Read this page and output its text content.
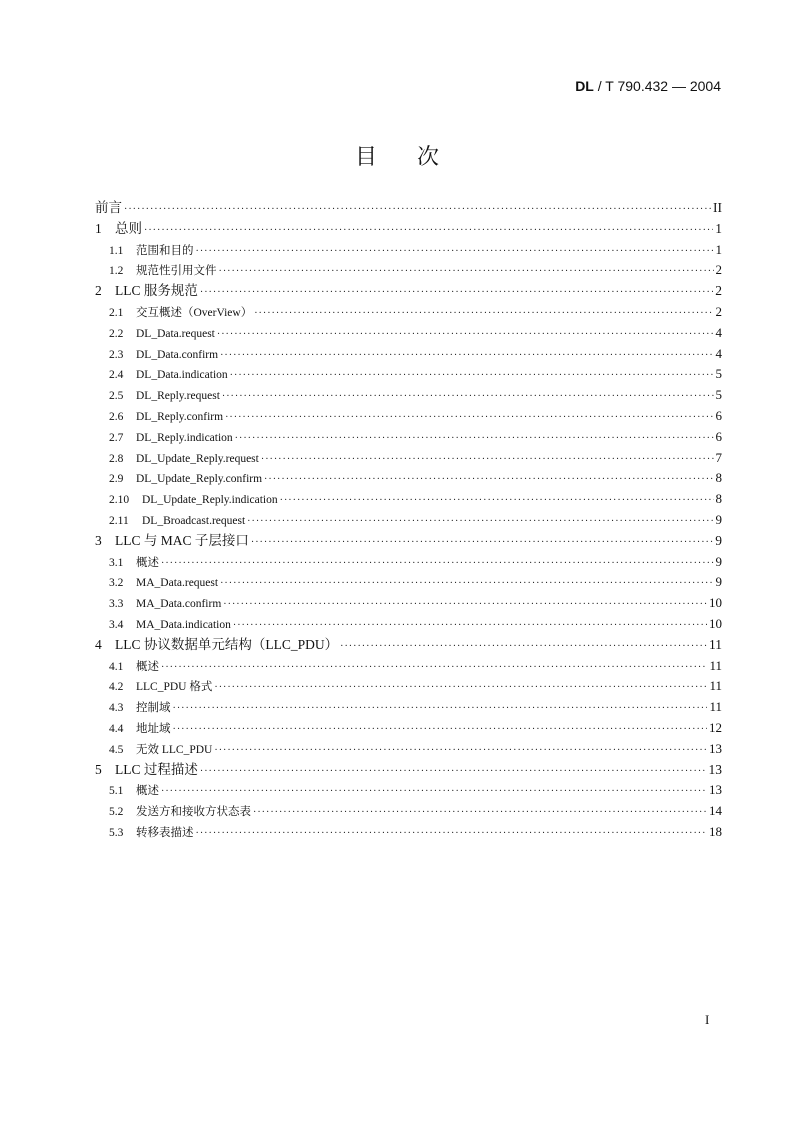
DL / T 790.432 — 2004
目次
前言 ·····	II
1 总则 ·····	1
1.1	范围和目的 ·····	1
1.2	规范性引用文件 ·····	2
2 LLC 服务规范 ·····	2
2.1	交互概述（OverView） ·····	2
2.2	DL_Data.request ·····	4
2.3	DL_Data.confirm ·····	4
2.4	DL_Data.indication ·····	5
2.5	DL_Reply.request ·····	5
2.6	DL_Reply.confirm ·····	6
2.7	DL_Reply.indication ·····	6
2.8	DL_Update_Reply.request ·····	7
2.9	DL_Update_Reply.confirm ·····	8
2.10	DL_Update_Reply.indication ·····	8
2.11	DL_Broadcast.request ·····	9
3 LLC 与 MAC 子层接口 ·····	9
3.1	概述 ·····	9
3.2	MA_Data.request ·····	9
3.3	MA_Data.confirm ·····	10
3.4	MA_Data.indication ·····	10
4 LLC 协议数据单元结构（LLC_PDU） ·····	11
4.1	概述 ·····	11
4.2	LLC_PDU 格式 ·····	11
4.3	控制域 ·····	11
4.4	地址域 ·····	12
4.5	无效 LLC_PDU ·····	13
5 LLC 过程描述 ·····	13
5.1	概述 ·····	13
5.2	发送方和接收方状态表 ·····	14
5.3	转移表描述 ·····	18
I
